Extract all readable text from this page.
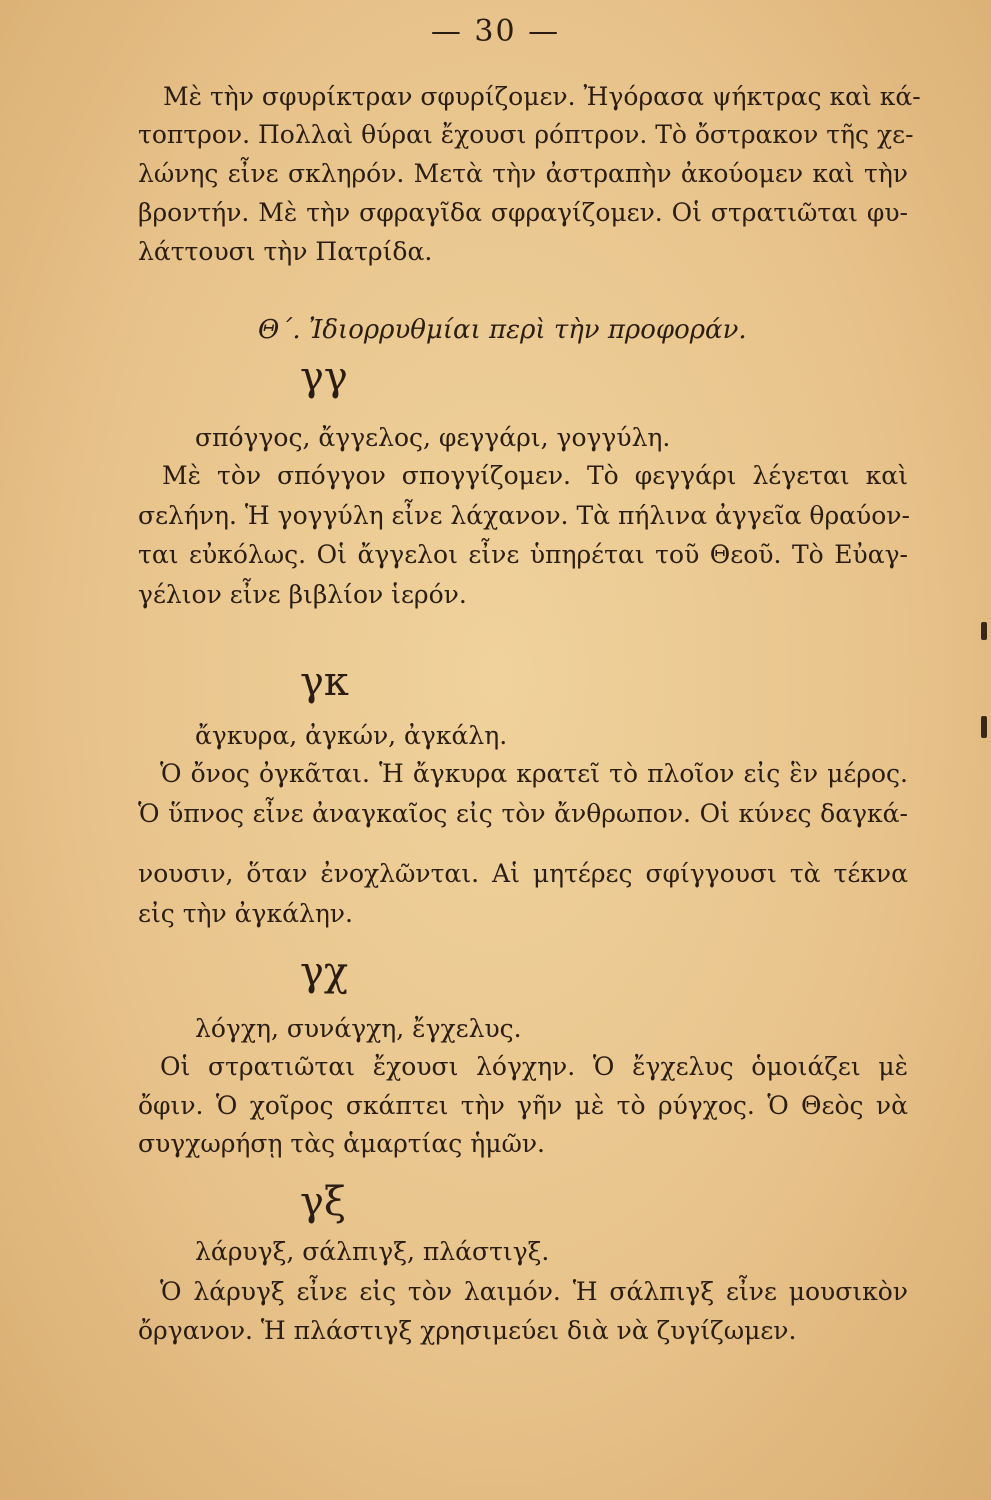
— 30 —
Μὲ τὴν σφυρίκτραν σφυρίζομεν. Ἠγόρασα ψήκτρας καὶ κά-
τοπτρον. Πολλαὶ θύραι ἔχουσι ρόπτρον. Τὸ ὄστρακον τῆς χε-
λώνης εἶνε σκληρόν. Μετὰ τὴν ἀστραπὴν ἀκούομεν καὶ τὴν
βροντήν. Μὲ τὴν σφραγῖδα σφραγίζομεν. Οἱ στρατιῶται φυ-
λάττουσι τὴν Πατρίδα.
Θ΄. Ἰδιορρυθμίαι περὶ τὴν προφοράν.
γγ
σπόγγος, ἄγγελος, φεγγάρι, γογγύλη.
Μὲ τὸν σπόγγον σπογγίζομεν. Τὸ φεγγάρι λέγεται καὶ
σελήνη. Ἡ γογγύλη εἶνε λάχανον. Τὰ πήλινα ἀγγεῖα θραύον-
ται εὐκόλως. Οἱ ἄγγελοι εἶνε ὑπηρέται τοῦ Θεοῦ. Τὸ Εὐαγ-
γέλιον εἶνε βιβλίον ἱερόν.
γκ
ἄγκυρα, ἀγκών, ἀγκάλη.
Ὁ ὄνος ὀγκᾶται. Ἡ ἄγκυρα κρατεῖ τὸ πλοῖον εἰς ἓν μέρος.
Ὁ ὕπνος εἶνε ἀναγκαῖος εἰς τὸν ἄνθρωπον. Οἱ κύνες δαγκά-
νουσιν, ὅταν ἐνοχλῶνται. Αἱ μητέρες σφίγγουσι τὰ τέκνα
εἰς τὴν ἀγκάλην.
γχ
λόγχη, συνάγχη, ἔγχελυς.
Οἱ στρατιῶται ἔχουσι λόγχην. Ὁ ἔγχελυς ὁμοιάζει μὲ
ὄφιν. Ὁ χοῖρος σκάπτει τὴν γῆν μὲ τὸ ρύγχος. Ὁ Θεὸς νὰ
συγχωρήσῃ τὰς ἁμαρτίας ἡμῶν.
γξ
λάρυγξ, σάλπιγξ, πλάστιγξ.
Ὁ λάρυγξ εἶνε εἰς τὸν λαιμόν. Ἡ σάλπιγξ εἶνε μουσικὸν
ὄργανον. Ἡ πλάστιγξ χρησιμεύει διὰ νὰ ζυγίζωμεν.
